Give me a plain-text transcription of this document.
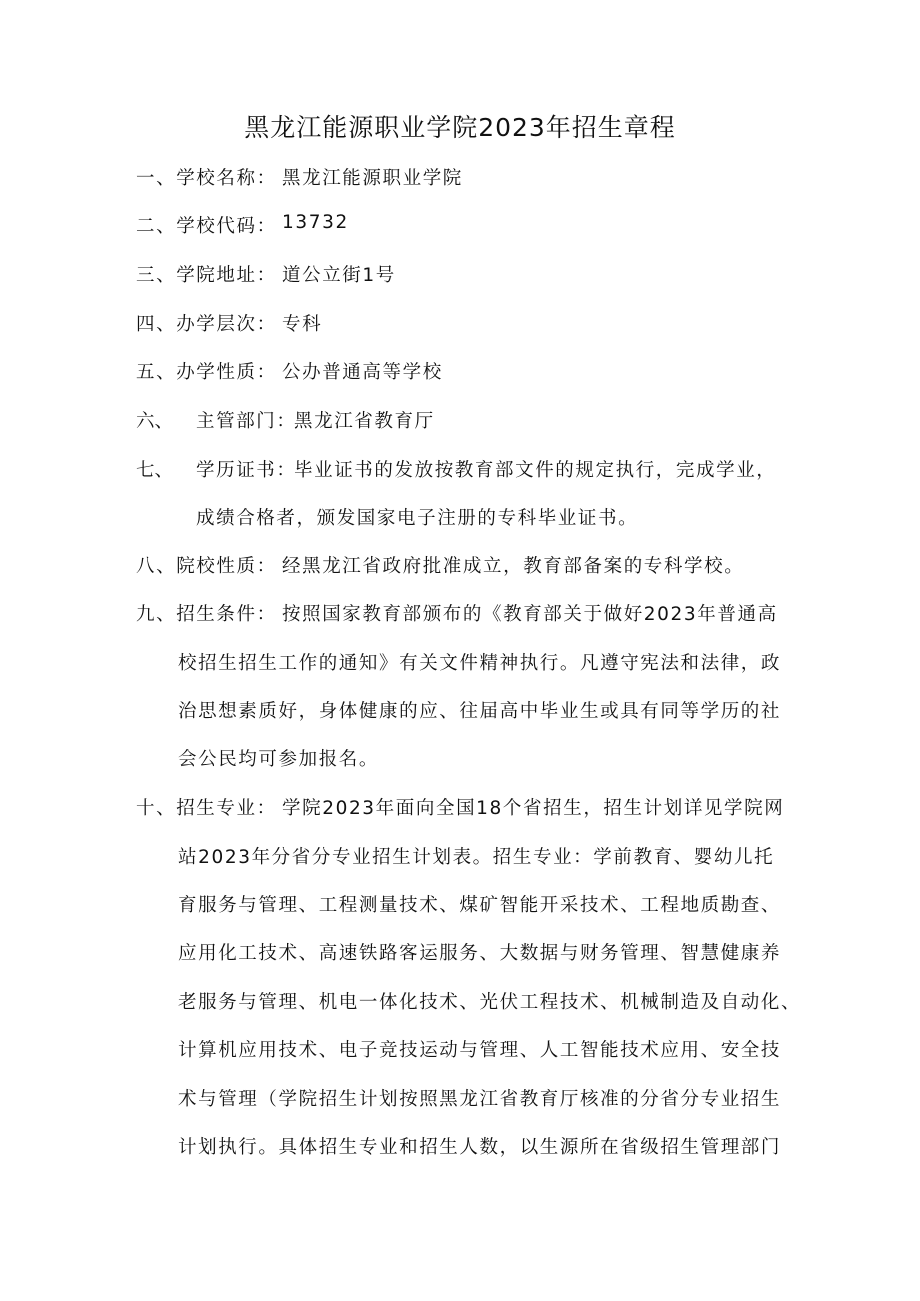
黑龙江能源职业学院2023年招生章程
一、学校名称： 黑龙江能源职业学院
二、学校代码： 13732
三、学院地址： 道公立街1号
四、办学层次： 专科
五、办学性质： 公办普通高等学校
六、 主管部门：
黑龙江省教育厅
七、 学历证书：
毕业证书的发放按教育部文件的规定执行，完成学业，
成绩合格者，颁发国家电子注册的专科毕业证书。
八、院校性质： 经黑龙江省政府批准成立，教育部备案的专科学校。
九、招生条件： 按照国家教育部颁布的《教育部关于做好2023年普通高
校招生招生工作的通知》有关文件精神执行。凡遵守宪法和法律，政
治思想素质好，身体健康的应、往届高中毕业生或具有同等学历的社
会公民均可参加报名。
十、招生专业： 学院2023年面向全国18个省招生，招生计划详见学院网
站2023年分省分专业招生计划表。招生专业：学前教育、婴幼儿托
育服务与管理、工程测量技术、煤矿智能开采技术、工程地质勘查、
应用化工技术、高速铁路客运服务、大数据与财务管理、智慧健康养
老服务与管理、机电一体化技术、光伏工程技术、机械制造及自动化、
计算机应用技术、电子竞技运动与管理、人工智能技术应用、安全技
术与管理（学院招生计划按照黑龙江省教育厅核准的分省分专业招生
计划执行。具体招生专业和招生人数，以生源所在省级招生管理部门
